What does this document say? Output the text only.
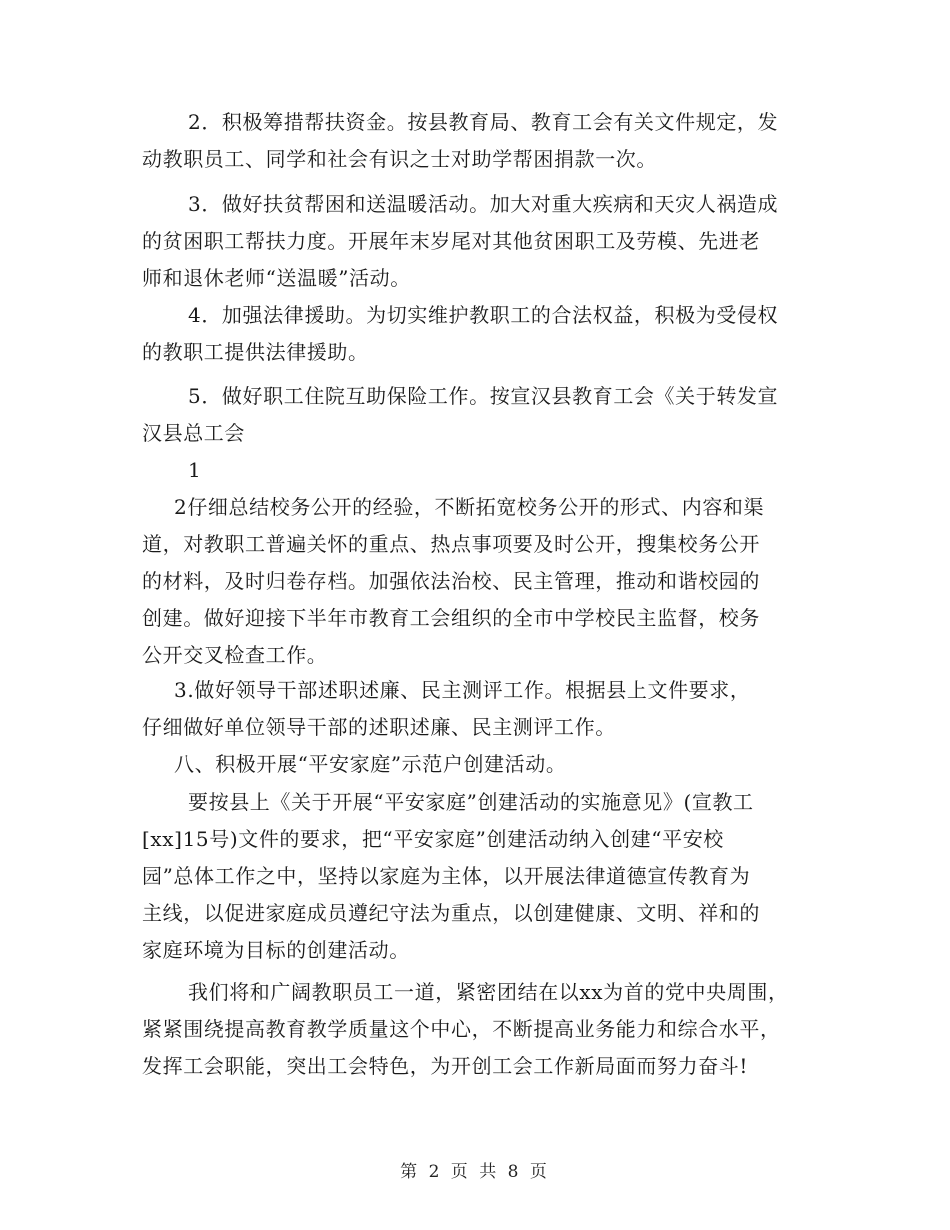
2．积极筹措帮扶资金。按县教育局、教育工会有关文件规定，发
动教职员工、同学和社会有识之士对助学帮困捐款一次。
3．做好扶贫帮困和送温暖活动。加大对重大疾病和天灾人祸造成
的贫困职工帮扶力度。开展年末岁尾对其他贫困职工及劳模、先进老
师和退休老师“送温暖”活动。
4．加强法律援助。为切实维护教职工的合法权益，积极为受侵权
的教职工提供法律援助。
5．做好职工住院互助保险工作。按宣汉县教育工会《关于转发宣
汉县总工会
1
2仔细总结校务公开的经验，不断拓宽校务公开的形式、内容和渠
道，对教职工普遍关怀的重点、热点事项要及时公开，搜集校务公开
的材料，及时归卷存档。加强依法治校、民主管理，推动和谐校园的
创建。做好迎接下半年市教育工会组织的全市中学校民主监督，校务
公开交叉检查工作。
3.做好领导干部述职述廉、民主测评工作。根据县上文件要求，
仔细做好单位领导干部的述职述廉、民主测评工作。
八、积极开展“平安家庭”示范户创建活动。
要按县上《关于开展“平安家庭”创建活动的实施意见》(宣教工
[xx]15号)文件的要求，把“平安家庭”创建活动纳入创建“平安校
园”总体工作之中，坚持以家庭为主体，以开展法律道德宣传教育为
主线，以促进家庭成员遵纪守法为重点，以创建健康、文明、祥和的
家庭环境为目标的创建活动。
我们将和广阔教职员工一道，紧密团结在以xx为首的党中央周围，
紧紧围绕提高教育教学质量这个中心，不断提高业务能力和综合水平，
发挥工会职能，突出工会特色，为开创工会工作新局面而努力奋斗!
第 2 页 共 8 页
